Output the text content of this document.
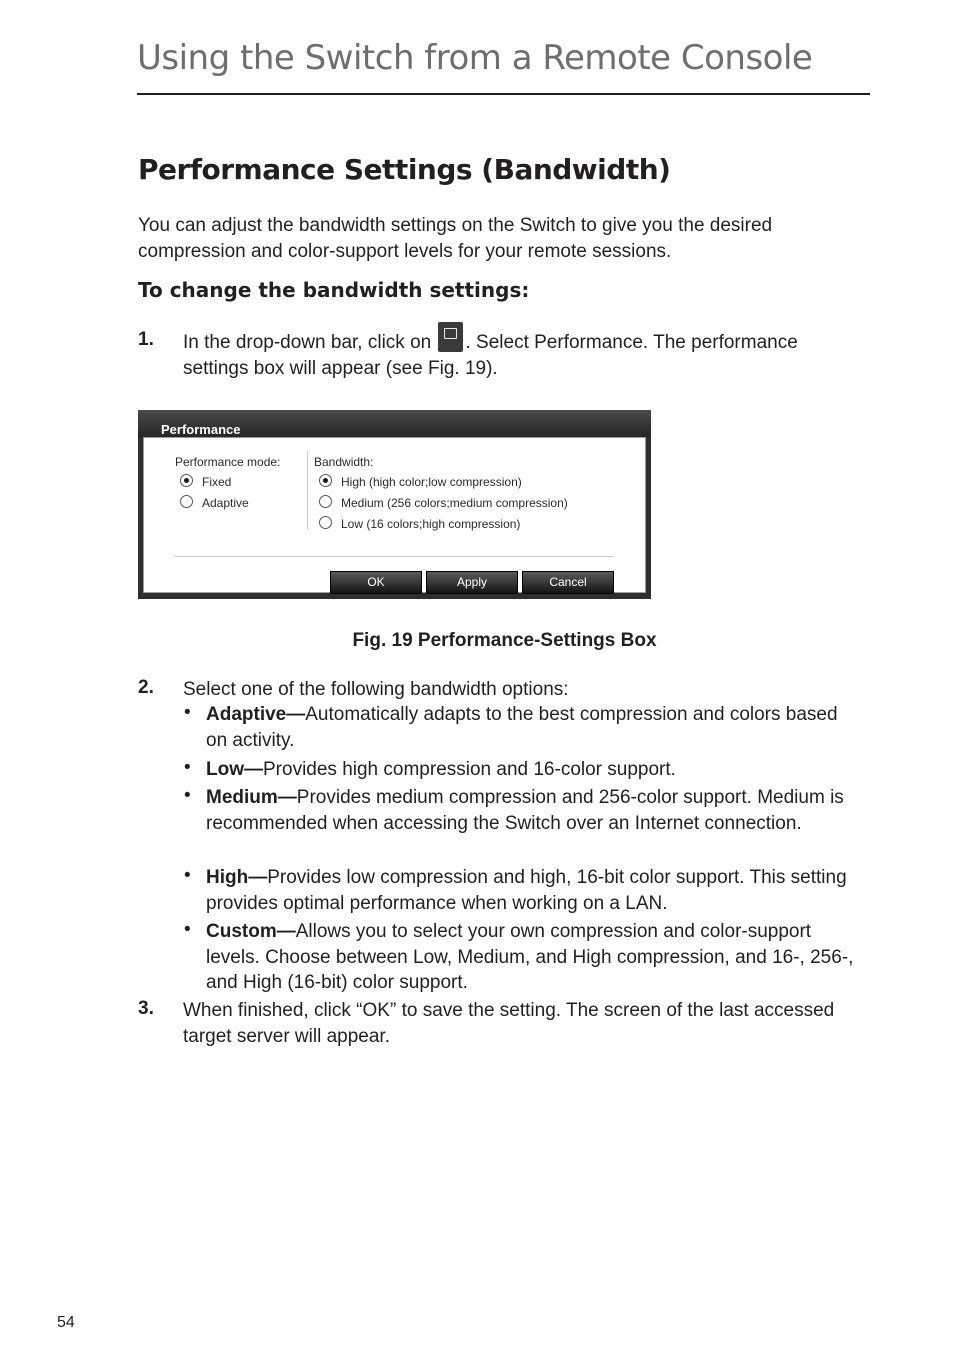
Using the Switch from a Remote Console
Performance Settings (Bandwidth)
You can adjust the bandwidth settings on the Switch to give you the desired compression and color-support levels for your remote sessions.
To change the bandwidth settings:
1. In the drop-down bar, click on . Select Performance. The performance settings box will appear (see Fig. 19).
Performance
Performance mode:
Fixed
Adaptive
Bandwidth:
High (high color;low compression)
Medium (256 colors;medium compression)
Low (16 colors;high compression)
OK	Apply	Cancel
Fig. 19 Performance-Settings Box
2. Select one of the following bandwidth options:
• Adaptive—Automatically adapts to the best compression and colors based on activity.
• Low—Provides high compression and 16-color support.
• Medium—Provides medium compression and 256-color support. Medium is recommended when accessing the Switch over an Internet connection.
• High—Provides low compression and high, 16-bit color support. This setting provides optimal performance when working on a LAN.
• Custom—Allows you to select your own compression and color-support levels. Choose between Low, Medium, and High compression, and 16-, 256-, and High (16-bit) color support.
3. When finished, click “OK” to save the setting. The screen of the last accessed target server will appear.
54
